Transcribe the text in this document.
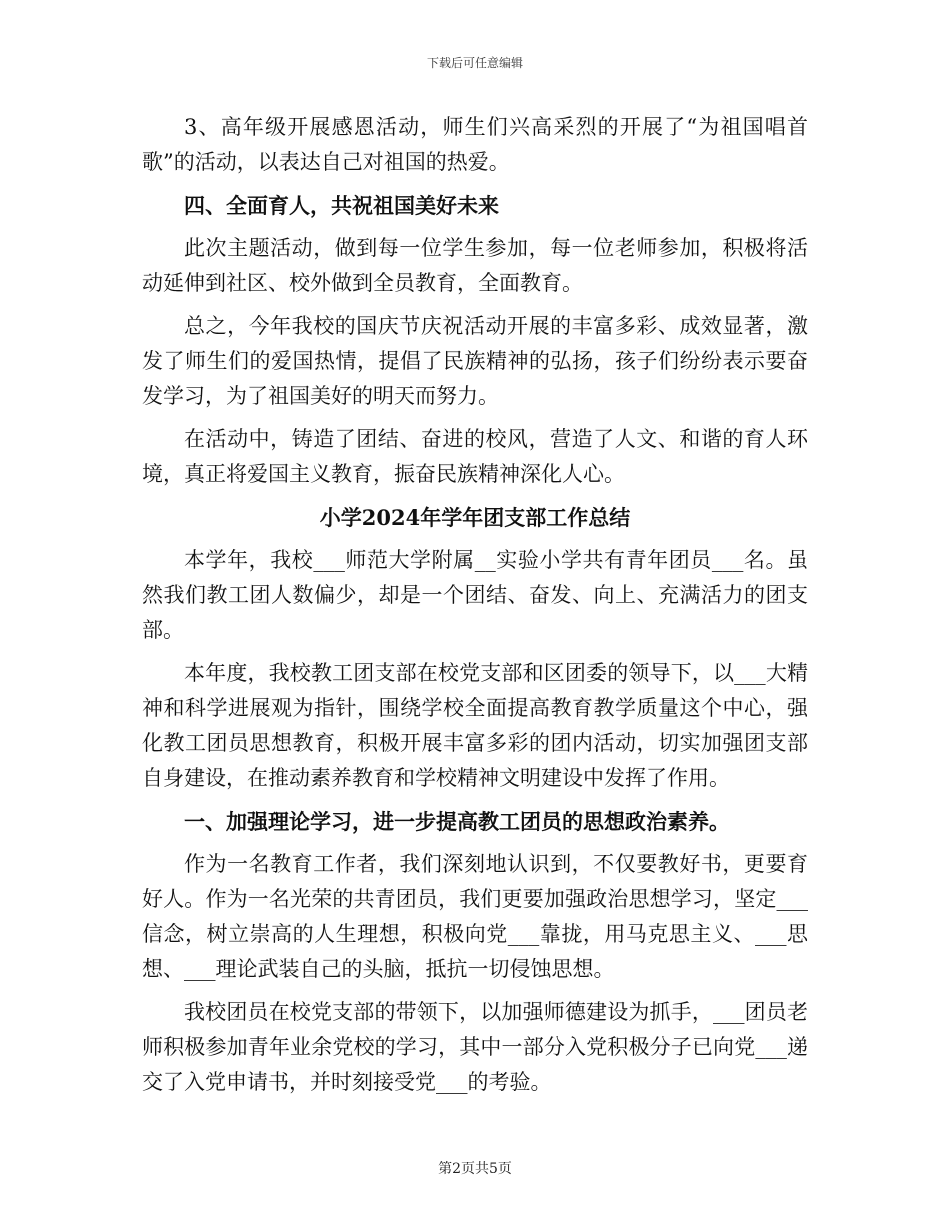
下载后可任意编辑

3、高年级开展感恩活动，师生们兴高采烈的开展了“为祖国唱首歌”的活动，以表达自己对祖国的热爱。

四、全面育人，共祝祖国美好未来

此次主题活动，做到每一位学生参加，每一位老师参加，积极将活动延伸到社区、校外做到全员教育，全面教育。

总之，今年我校的国庆节庆祝活动开展的丰富多彩、成效显著，激发了师生们的爱国热情，提倡了民族精神的弘扬，孩子们纷纷表示要奋发学习，为了祖国美好的明天而努力。

在活动中，铸造了团结、奋进的校风，营造了人文、和谐的育人环境，真正将爱国主义教育，振奋民族精神深化人心。

小学2024年学年团支部工作总结

本学年，我校___师范大学附属__实验小学共有青年团员___名。虽然我们教工团人数偏少，却是一个团结、奋发、向上、充满活力的团支部。

本年度，我校教工团支部在校党支部和区团委的领导下，以___大精神和科学进展观为指针，围绕学校全面提高教育教学质量这个中心，强化教工团员思想教育，积极开展丰富多彩的团内活动，切实加强团支部自身建设，在推动素养教育和学校精神文明建设中发挥了作用。

一、加强理论学习，进一步提高教工团员的思想政治素养。

作为一名教育工作者，我们深刻地认识到，不仅要教好书，更要育好人。作为一名光荣的共青团员，我们更要加强政治思想学习，坚定___信念，树立崇高的人生理想，积极向党___靠拢，用马克思主义、___思想、___理论武装自己的头脑，抵抗一切侵蚀思想。

我校团员在校党支部的带领下，以加强师德建设为抓手，___团员老师积极参加青年业余党校的学习，其中一部分入党积极分子已向党___递交了入党申请书，并时刻接受党___的考验。

第2页共5页
